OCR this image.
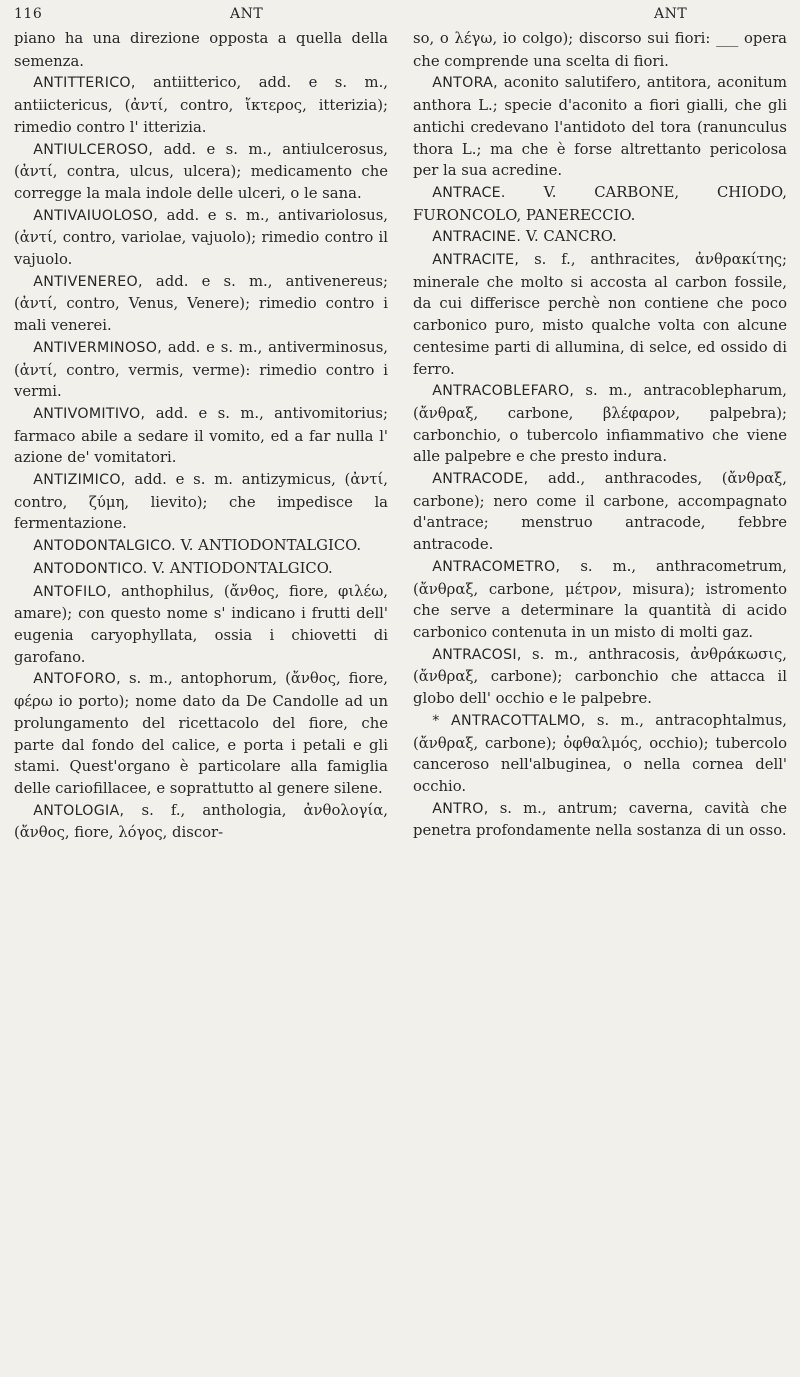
116	ANT	ANT

piano ha una direzione opposta a quella della semenza.

ANTITTERICO, antiitterico, add. e s. m., antiictericus, (ἀντί, contro, ἴκτερος, itterizia); rimedio contro l' itterizia.

ANTIULCEROSO, add. e s. m., antiulcerosus, (ἀντί, contra, ulcus, ulcera); medicamento che corregge la mala indole delle ulceri, o le sana.

ANTIVAIUOLOSO, add. e s. m., antivariolosus, (ἀντί, contro, variolae, vajuolo); rimedio contro il vajuolo.

ANTIVENEREO, add. e s. m., antivenereus; (ἀντί, contro, Venus, Venere); rimedio contro i mali venerei.

ANTIVERMINOSO, add. e s. m., antiverminosus, (ἀντί, contro, vermis, verme): rimedio contro i vermi.

ANTIVOMITIVO, add. e s. m., antivomitorius; farmaco abile a sedare il vomito, ed a far nulla l' azione de' vomitatori.

ANTIZIMICO, add. e s. m. antizymicus, (ἀντί, contro, ζύμη, lievito); che impedisce la fermentazione.

ANTODONTALGICO. V. ANTIODONTALGICO.

ANTODONTICO. V. ANTIODONTALGICO.

ANTOFILO, anthophilus, (ἄνθος, fiore, φιλέω, amare); con questo nome s' indicano i frutti dell' eugenia caryophyllata, ossia i chiovetti di garofano.

ANTOFORO, s. m., antophorum, (ἄνθος, fiore, φέρω io porto); nome dato da De Candolle ad un prolungamento del ricettacolo del fiore, che parte dal fondo del calice, e porta i petali e gli stami. Quest'organo è particolare alla famiglia delle cariofillacee, e soprattutto al genere silene.

ANTOLOGIA, s. f., anthologia, ἀνθολογία, (ἄνθος, fiore, λόγος, discor-

so, o λέγω, io colgo); discorso sui fiori: ___ opera che comprende una scelta di fiori.

ANTORA, aconito salutifero, antitora, aconitum anthora L.; specie d'aconito a fiori gialli, che gli antichi credevano l'antidoto del tora (ranunculus thora L.; ma che è forse altrettanto pericolosa per la sua acredine.

ANTRACE. V. CARBONE, CHIODO, FURONCOLO, PANERECCIO.

ANTRACINE. V. CANCRO.

ANTRACITE, s. f., anthracites, ἀνθρακίτης; minerale che molto si accosta al carbon fossile, da cui differisce perchè non contiene che poco carbonico puro, misto qualche volta con alcune centesime parti di allumina, di selce, ed ossido di ferro.

ANTRACOBLEFARO, s. m., antracoblepharum, (ἄνθραξ, carbone, βλέφαρον, palpebra); carbonchio, o tubercolo infiammativo che viene alle palpebre e che presto indura.

ANTRACODE, add., anthracodes, (ἄνθραξ, carbone); nero come il carbone, accompagnato d'antrace; menstruo antracode, febbre antracode.

ANTRACOMETRO, s. m., anthracometrum, (ἄνθραξ, carbone, μέτρον, misura); istromento che serve a determinare la quantità di acido carbonico contenuta in un misto di molti gaz.

ANTRACOSI, s. m., anthracosis, ἀνθράκωσις, (ἄνθραξ, carbone); carbonchio che attacca il globo dell' occhio e le palpebre.

* ANTRACOTTALMO, s. m., antracophtalmus, (ἄνθραξ, carbone); ὀφθαλμός, occhio); tubercolo canceroso nell'albuginea, o nella cornea dell' occhio.

ANTRO, s. m., antrum; caverna, cavità che penetra profondamente nella sostanza di un osso.
